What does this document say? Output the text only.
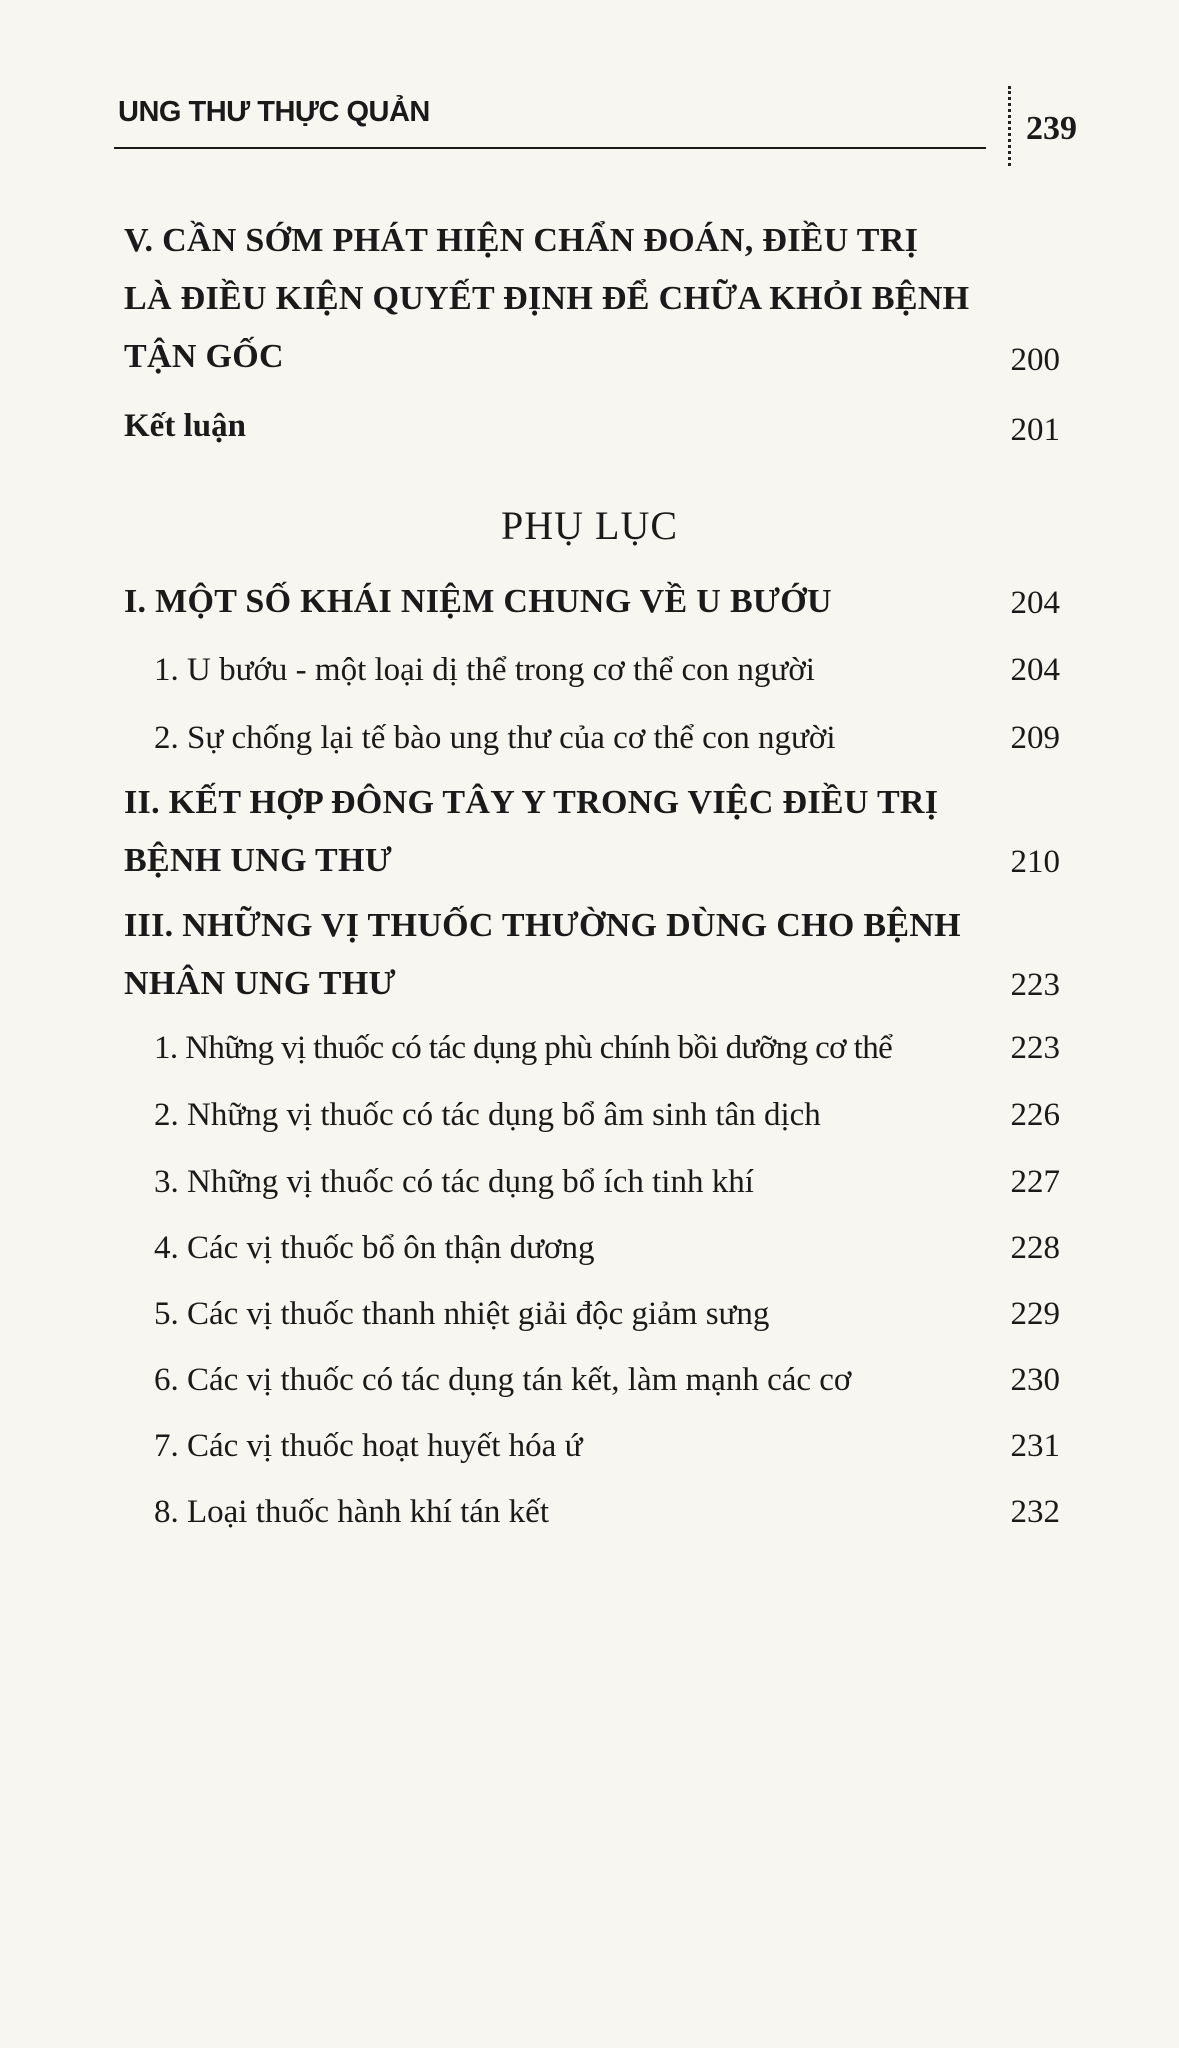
UNG THƯ THỰC QUẢN	239
V. CẦN SỚM PHÁT HIỆN CHẨN ĐOÁN, ĐIỀU TRỊ
LÀ ĐIỀU KIỆN QUYẾT ĐỊNH ĐỂ CHỮA KHỎI BỆNH
TẬN GỐC	200
Kết luận	201
PHỤ LỤC
I. MỘT SỐ KHÁI NIỆM CHUNG VỀ U BƯỚU	204
1. U bướu - một loại dị thể trong cơ thể con người	204
2. Sự chống lại tế bào ung thư của cơ thể con người	209
II. KẾT HỢP ĐÔNG TÂY Y TRONG VIỆC ĐIỀU TRỊ
BỆNH UNG THƯ	210
III. NHỮNG VỊ THUỐC THƯỜNG DÙNG CHO BỆNH
NHÂN UNG THƯ	223
1. Những vị thuốc có tác dụng phù chính bồi dưỡng cơ thể	223
2. Những vị thuốc có tác dụng bổ âm sinh tân dịch	226
3. Những vị thuốc có tác dụng bổ ích tinh khí	227
4. Các vị thuốc bổ ôn thận dương	228
5. Các vị thuốc thanh nhiệt giải độc giảm sưng	229
6. Các vị thuốc có tác dụng tán kết, làm mạnh các cơ	230
7. Các vị thuốc hoạt huyết hóa ứ	231
8. Loại thuốc hành khí tán kết	232
